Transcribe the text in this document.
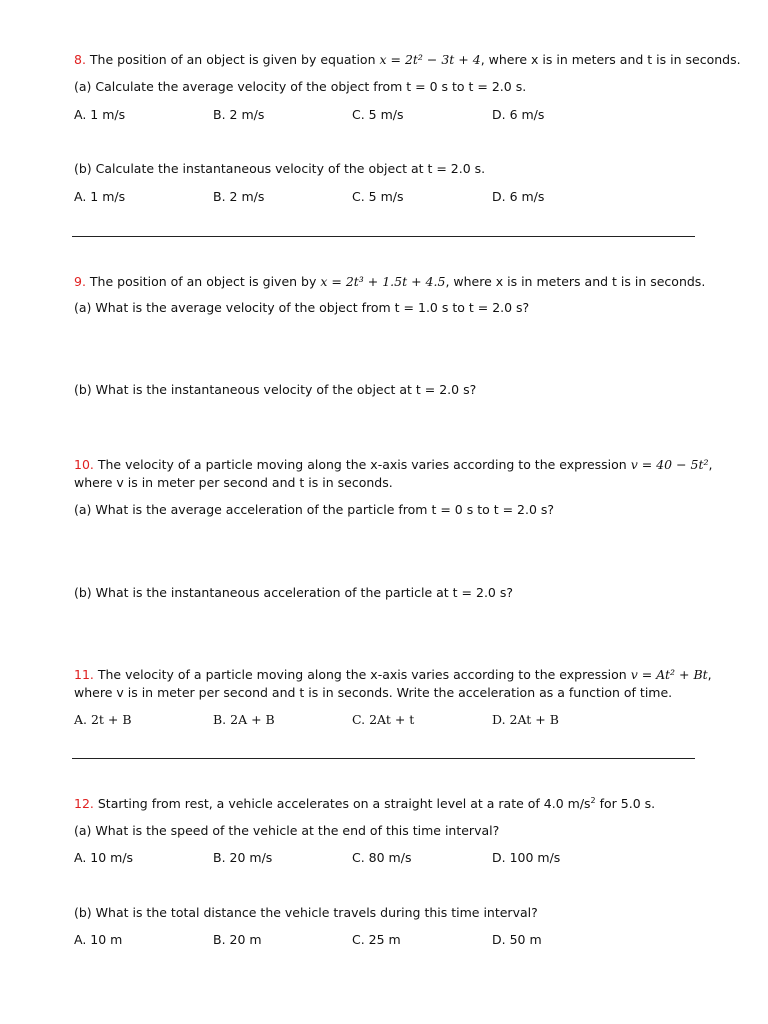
8. The position of an object is given by equation x = 2t² − 3t + 4, where x is in meters and t is in seconds.
(a) Calculate the average velocity of the object from t = 0 s to t = 2.0 s.
A. 1 m/s	B. 2 m/s	C. 5 m/s	D. 6 m/s
(b) Calculate the instantaneous velocity of the object at t = 2.0 s.
A. 1 m/s	B. 2 m/s	C. 5 m/s	D. 6 m/s
9. The position of an object is given by x = 2t³ + 1.5t + 4.5, where x is in meters and t is in seconds.
(a) What is the average velocity of the object from t = 1.0 s to t = 2.0 s?
(b) What is the instantaneous velocity of the object at t = 2.0 s?
10. The velocity of a particle moving along the x-axis varies according to the expression v = 40 − 5t²,
where v is in meter per second and t is in seconds.
(a) What is the average acceleration of the particle from t = 0 s to t = 2.0 s?
(b) What is the instantaneous acceleration of the particle at t = 2.0 s?
11. The velocity of a particle moving along the x-axis varies according to the expression v = At² + Bt,
where v is in meter per second and t is in seconds. Write the acceleration as a function of time.
A. 2t + B	B. 2A + B	C. 2At + t	D. 2At + B
12. Starting from rest, a vehicle accelerates on a straight level at a rate of 4.0 $m/s^2$ for 5.0 s.
(a) What is the speed of the vehicle at the end of this time interval?
A. 10 m/s	B. 20 m/s	C. 80 m/s	D. 100 m/s
(b) What is the total distance the vehicle travels during this time interval?
A. 10 m	B. 20 m	C. 25 m	D. 50 m
